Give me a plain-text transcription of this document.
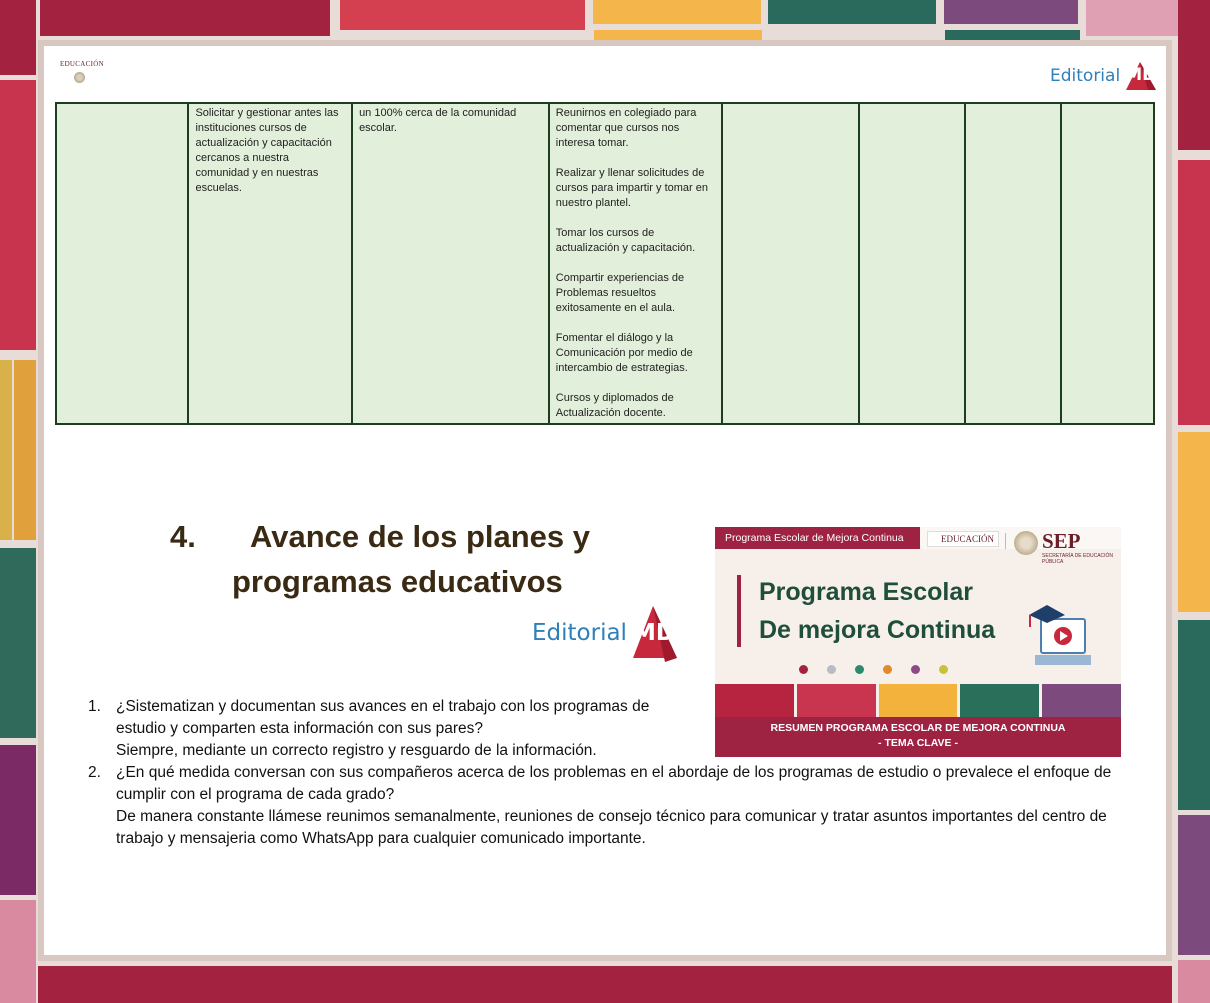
EDUCACIÓN
Editorial MD
	Solicitar y gestionar antes las instituciones cursos de actualización y capacitación cercanos a nuestra comunidad y en nuestras escuelas.	un 100% cerca de la comunidad escolar.	Reunirnos en colegiado para comentar que cursos nos interesa tomar.

Realizar y llenar solicitudes de cursos para impartir y tomar en nuestro plantel.

Tomar los cursos de actualización y capacitación.

Compartir experiencias de Problemas resueltos exitosamente en el aula.

Fomentar el diálogo y la Comunicación por medio de intercambio de estrategias.

Cursos y diplomados de Actualización docente.				
4. Avance de los planes y
programas educativos
Editorial MD
Programa Escolar de Mejora Continua	EDUCACIÓN SEP
SECRETARÍA DE EDUCACIÓN PÚBLICA
Programa Escolar
De mejora Continua
RESUMEN PROGRAMA ESCOLAR DE MEJORA CONTINUA
- TEMA CLAVE -
1. ¿Sistematizan y documentan sus avances en el trabajo con los programas de estudio y comparten esta información con sus pares?

Siempre, mediante un correcto registro y resguardo de la información.

2. ¿En qué medida conversan con sus compañeros acerca de los problemas en el abordaje de los programas de estudio o prevalece el enfoque de cumplir con el programa de cada grado?

De manera constante llámese reunimos semanalmente, reuniones de consejo técnico para comunicar y tratar asuntos importantes del centro de trabajo y mensajeria como WhatsApp para cualquier comunicado importante.
